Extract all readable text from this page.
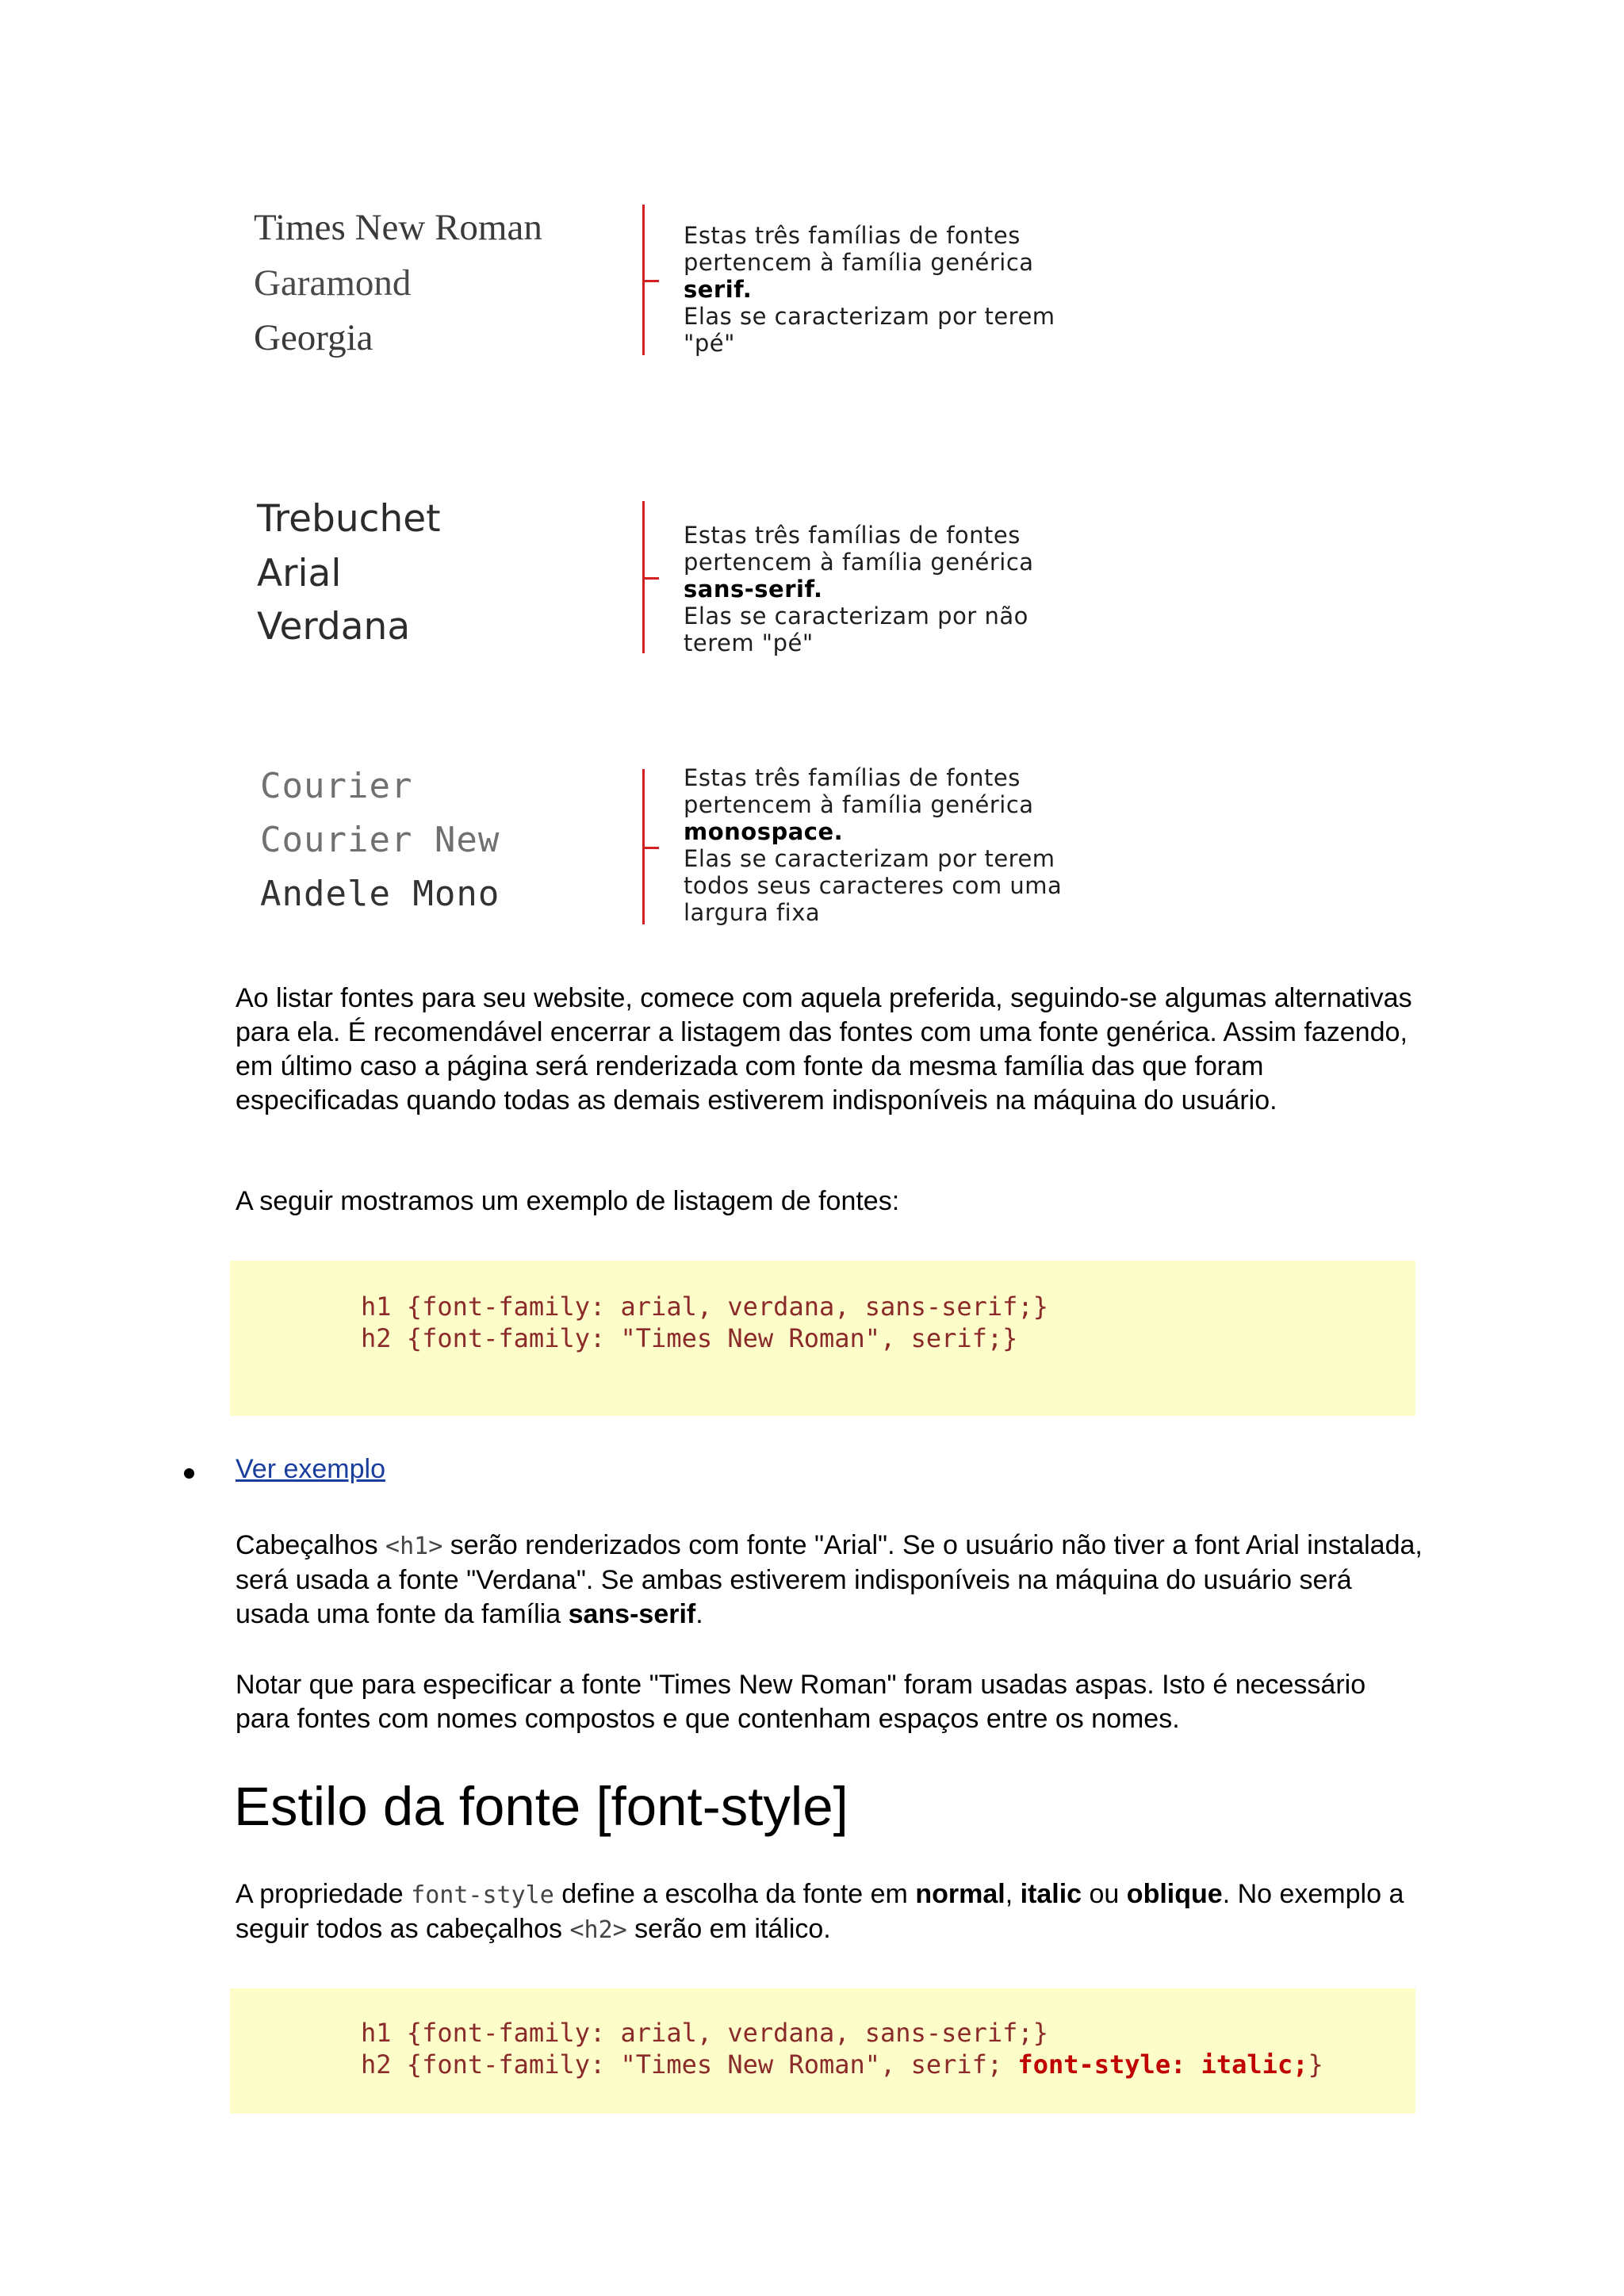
Times New Roman
Garamond
Georgia
Estas três famílias de fontes
pertencem à família genérica
serif.
Elas se caracterizam por terem
"pé"
Trebuchet
Arial
Verdana
Estas três famílias de fontes
pertencem à família genérica
sans-serif.
Elas se caracterizam por não
terem "pé"
Courier
Courier New
Andele Mono
Estas três famílias de fontes
pertencem à família genérica
monospace.
Elas se caracterizam por terem
todos seus caracteres com uma
largura fixa
Ao listar fontes para seu website, comece com aquela preferida, seguindo-se algumas alternativas para ela. É recomendável encerrar a listagem das fontes com uma fonte genérica. Assim fazendo, em último caso a página será renderizada com fonte da mesma família das que foram especificadas quando todas as demais estiverem indisponíveis na máquina do usuário.
A seguir mostramos um exemplo de listagem de fontes:
h1 {font-family: arial, verdana, sans-serif;}
h2 {font-family: "Times New Roman", serif;}
Ver exemplo
Cabeçalhos <h1> serão renderizados com fonte "Arial". Se o usuário não tiver a font Arial instalada, será usada a fonte "Verdana". Se ambas estiverem indisponíveis na máquina do usuário será usada uma fonte da família sans-serif.
Notar que para especificar a fonte "Times New Roman" foram usadas aspas. Isto é necessário para fontes com nomes compostos e que contenham espaços entre os nomes.
Estilo da fonte [font-style]
A propriedade font-style define a escolha da fonte em normal, italic ou oblique. No exemplo a seguir todos as cabeçalhos <h2> serão em itálico.
h1 {font-family: arial, verdana, sans-serif;}
h2 {font-family: "Times New Roman", serif; font-style: italic;}
